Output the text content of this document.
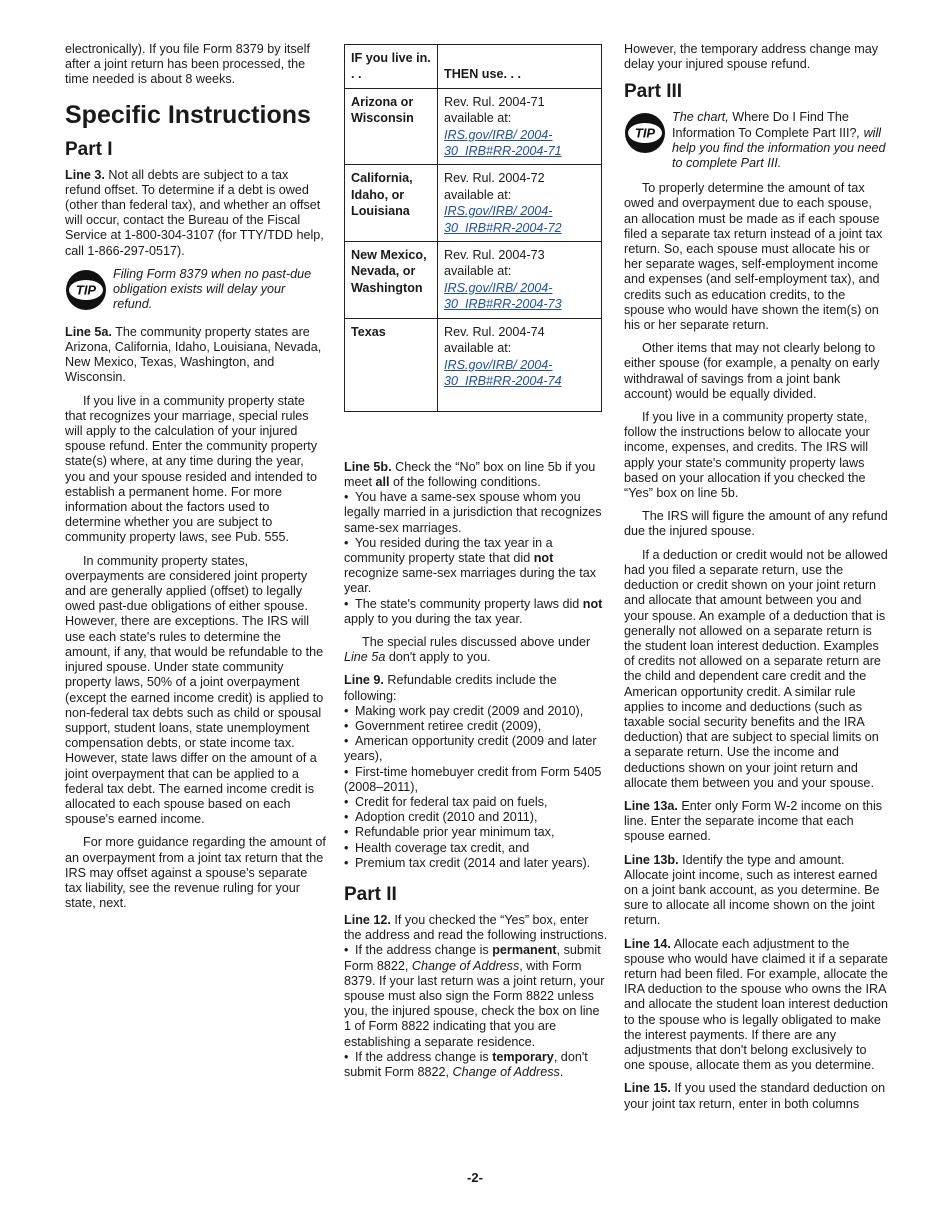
electronically). If you file Form 8379 by itself after a joint return has been processed, the time needed is about 8 weeks.

Specific Instructions
Part I

Line 3. Not all debts are subject to a tax refund offset. To determine if a debt is owed (other than federal tax), and whether an offset will occur, contact the Bureau of the Fiscal Service at 1-800-304-3107 (for TTY/TDD help, call 1-866-297-0517).

TIP
Filing Form 8379 when no past-due obligation exists will delay your refund.

Line 5a. The community property states are Arizona, California, Idaho, Louisiana, Nevada, New Mexico, Texas, Washington, and Wisconsin.

If you live in a community property state that recognizes your marriage, special rules will apply to the calculation of your injured spouse refund. Enter the community property state(s) where, at any time during the year, you and your spouse resided and intended to establish a permanent home. For more information about the factors used to determine whether you are subject to community property laws, see Pub. 555.

In community property states, overpayments are considered joint property and are generally applied (offset) to legally owed past-due obligations of either spouse. However, there are exceptions. The IRS will use each state's rules to determine the amount, if any, that would be refundable to the injured spouse. Under state community property laws, 50% of a joint overpayment (except the earned income credit) is applied to non-federal tax debts such as child or spousal support, student loans, state unemployment compensation debts, or state income tax. However, state laws differ on the amount of a joint overpayment that can be applied to a federal tax debt. The earned income credit is allocated to each spouse based on each spouse's earned income.

For more guidance regarding the amount of an overpayment from a joint tax return that the IRS may offset against a spouse's separate tax liability, see the revenue ruling for your state, next.

IF you live in. . .	THEN use. . .
Arizona or Wisconsin	Rev. Rul. 2004-71 available at:
IRS.gov/IRB/ 2004-30_IRB#RR-2004-71
California, Idaho, or Louisiana	Rev. Rul. 2004-72 available at:
IRS.gov/IRB/ 2004-30_IRB#RR-2004-72
New Mexico, Nevada, or Washington	Rev. Rul. 2004-73 available at:
IRS.gov/IRB/ 2004-30_IRB#RR-2004-73
Texas	Rev. Rul. 2004-74 available at:
IRS.gov/IRB/ 2004-30_IRB#RR-2004-74

Line 5b. Check the “No” box on line 5b if you meet all of the following conditions.

• You have a same-sex spouse whom you legally married in a jurisdiction that recognizes same-sex marriages.

• You resided during the tax year in a community property state that did not recognize same-sex marriages during the tax year.

• The state's community property laws did not apply to you during the tax year.

The special rules discussed above under Line 5a don't apply to you.

Line 9. Refundable credits include the following:

• Making work pay credit (2009 and 2010),

• Government retiree credit (2009),

• American opportunity credit (2009 and later years),

• First-time homebuyer credit from Form 5405 (2008–2011),

• Credit for federal tax paid on fuels,

• Adoption credit (2010 and 2011),

• Refundable prior year minimum tax,

• Health coverage tax credit, and

• Premium tax credit (2014 and later years).

Part II

Line 12. If you checked the “Yes” box, enter the address and read the following instructions.

• If the address change is permanent, submit Form 8822, Change of Address, with Form 8379. If your last return was a joint return, your spouse must also sign the Form 8822 unless you, the injured spouse, check the box on line 1 of Form 8822 indicating that you are establishing a separate residence.

• If the address change is temporary, don't submit Form 8822, Change of Address.

However, the temporary address change may delay your injured spouse refund.

Part III
TIP
The chart, Where Do I Find The Information To Complete Part III?, will help you find the information you need to complete Part III.

To properly determine the amount of tax owed and overpayment due to each spouse, an allocation must be made as if each spouse filed a separate tax return instead of a joint tax return. So, each spouse must allocate his or her separate wages, self-employment income and expenses (and self-employment tax), and credits such as education credits, to the spouse who would have shown the item(s) on his or her separate return.

Other items that may not clearly belong to either spouse (for example, a penalty on early withdrawal of savings from a joint bank account) would be equally divided.

If you live in a community property state, follow the instructions below to allocate your income, expenses, and credits. The IRS will apply your state's community property laws based on your allocation if you checked the “Yes” box on line 5b.

The IRS will figure the amount of any refund due the injured spouse.

If a deduction or credit would not be allowed had you filed a separate return, use the deduction or credit shown on your joint return and allocate that amount between you and your spouse. An example of a deduction that is generally not allowed on a separate return is the student loan interest deduction. Examples of credits not allowed on a separate return are the child and dependent care credit and the American opportunity credit. A similar rule applies to income and deductions (such as taxable social security benefits and the IRA deduction) that are subject to special limits on a separate return. Use the income and deductions shown on your joint return and allocate them between you and your spouse.

Line 13a. Enter only Form W-2 income on this line. Enter the separate income that each spouse earned.

Line 13b. Identify the type and amount. Allocate joint income, such as interest earned on a joint bank account, as you determine. Be sure to allocate all income shown on the joint return.

Line 14. Allocate each adjustment to the spouse who would have claimed it if a separate return had been filed. For example, allocate the IRA deduction to the spouse who owns the IRA and allocate the student loan interest deduction to the spouse who is legally obligated to make the interest payments. If there are any adjustments that don't belong exclusively to one spouse, allocate them as you determine.

Line 15. If you used the standard deduction on your joint tax return, enter in both columns

-2-
